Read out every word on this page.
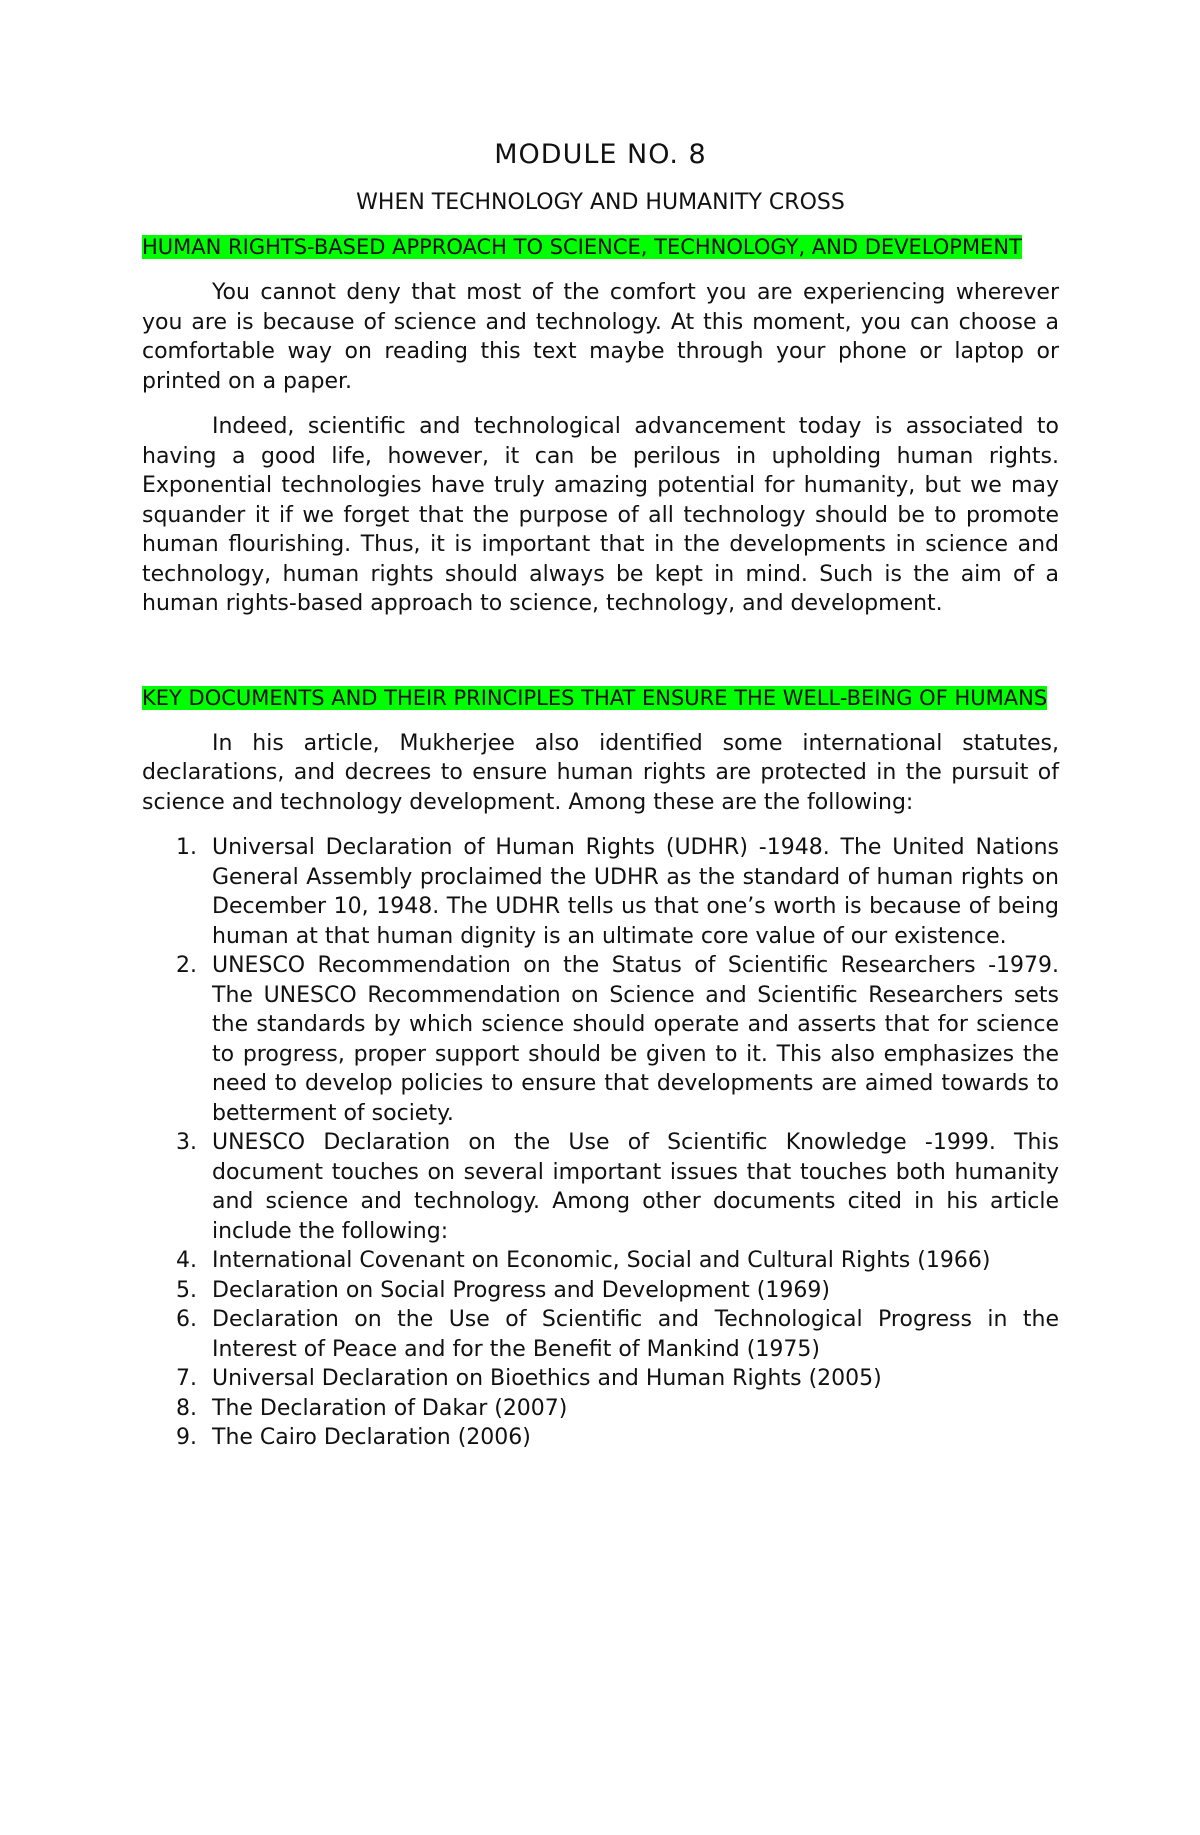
MODULE NO. 8
WHEN TECHNOLOGY AND HUMANITY CROSS
HUMAN RIGHTS-BASED APPROACH TO SCIENCE, TECHNOLOGY, AND DEVELOPMENT

You cannot deny that most of the comfort you are experiencing wherever you are is because of science and technology. At this moment, you can choose a comfortable way on reading this text maybe through your phone or laptop or printed on a paper.

Indeed, scientific and technological advancement today is associated to having a good life, however, it can be perilous in upholding human rights. Exponential technologies have truly amazing potential for humanity, but we may squander it if we forget that the purpose of all technology should be to promote human flourishing. Thus, it is important that in the developments in science and technology, human rights should always be kept in mind. Such is the aim of a human rights-based approach to science, technology, and development.

KEY DOCUMENTS AND THEIR PRINCIPLES THAT ENSURE THE WELL-BEING OF HUMANS

In his article, Mukherjee also identified some international statutes, declarations, and decrees to ensure human rights are protected in the pursuit of science and technology development. Among these are the following:

1. Universal Declaration of Human Rights (UDHR) -1948. The United Nations General Assembly proclaimed the UDHR as the standard of human rights on December 10, 1948. The UDHR tells us that one’s worth is because of being human at that human dignity is an ultimate core value of our existence.
2. UNESCO Recommendation on the Status of Scientific Researchers -1979. The UNESCO Recommendation on Science and Scientific Researchers sets the standards by which science should operate and asserts that for science to progress, proper support should be given to it. This also emphasizes the need to develop policies to ensure that developments are aimed towards to betterment of society.
3. UNESCO Declaration on the Use of Scientific Knowledge -1999. This document touches on several important issues that touches both humanity and science and technology. Among other documents cited in his article include the following:
4. International Covenant on Economic, Social and Cultural Rights (1966)
5. Declaration on Social Progress and Development (1969)
6. Declaration on the Use of Scientific and Technological Progress in the Interest of Peace and for the Benefit of Mankind (1975)
7. Universal Declaration on Bioethics and Human Rights (2005)
8. The Declaration of Dakar (2007)
9. The Cairo Declaration (2006)
